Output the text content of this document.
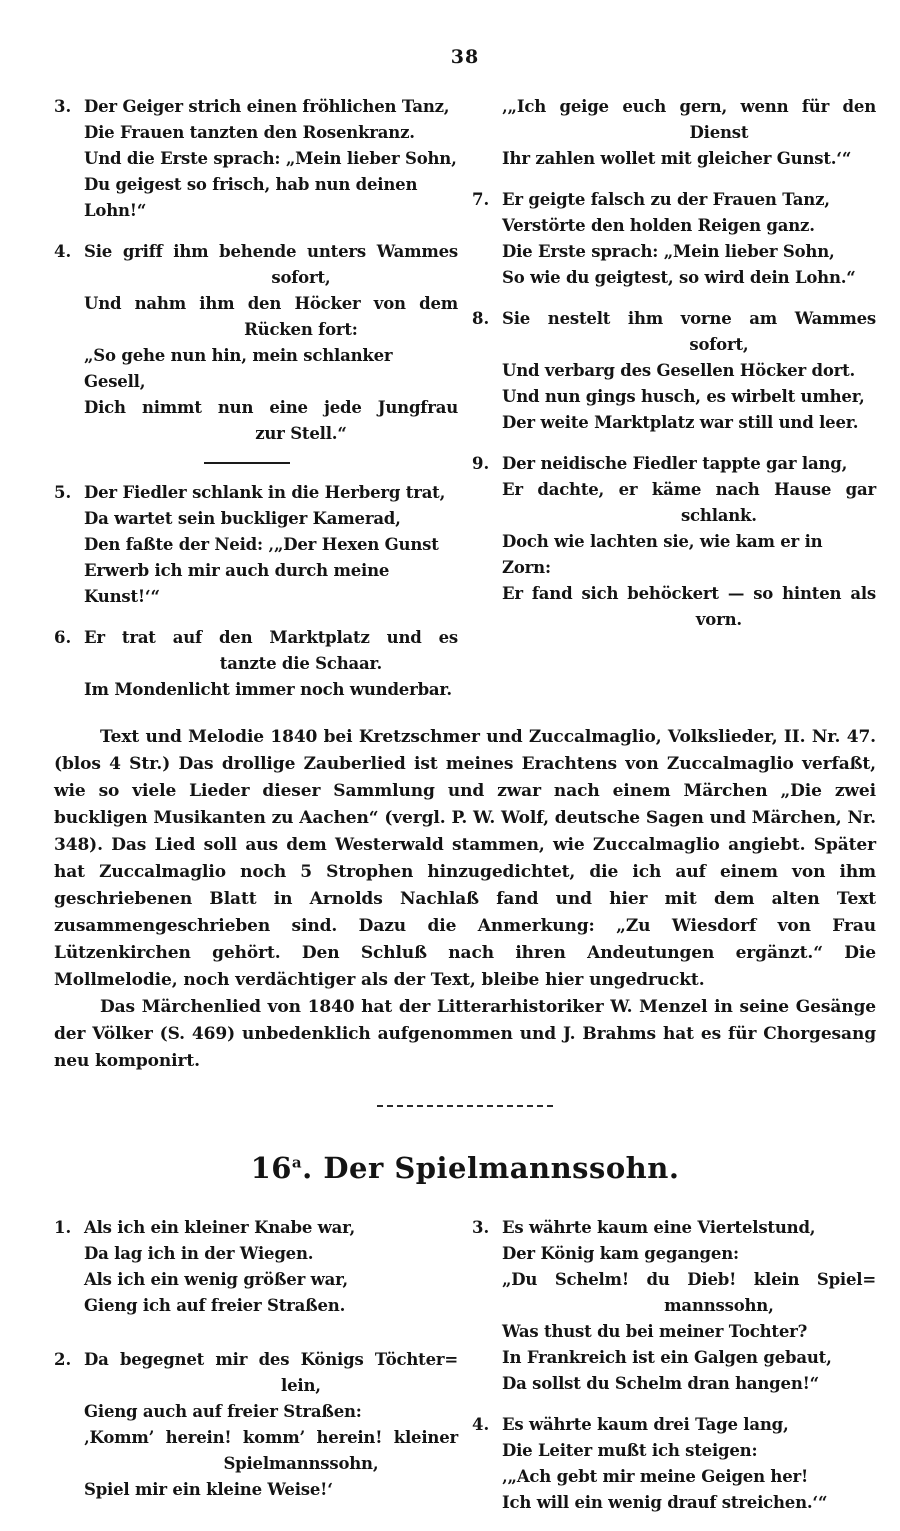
38
3. Der Geiger strich einen fröhlichen Tanz,
Die Frauen tanzten den Rosenkranz.
Und die Erste sprach: „Mein lieber Sohn,
Du geigest so frisch, hab nun deinen Lohn!“
4. Sie griff ihm behende unters Wammes
sofort,
Und nahm ihm den Höcker von dem
Rücken fort:
„So gehe nun hin, mein schlanker Gesell,
Dich nimmt nun eine jede Jungfrau
zur Stell.“
5. Der Fiedler schlank in die Herberg trat,
Da wartet sein buckliger Kamerad,
Den faßte der Neid: ‚„Der Hexen Gunst
Erwerb ich mir auch durch meine Kunst!‘“
6. Er trat auf den Marktplatz und es
tanzte die Schaar.
Im Mondenlicht immer noch wunderbar.
‚„Ich geige euch gern, wenn für den
Dienst
Ihr zahlen wollet mit gleicher Gunst.‘“
7. Er geigte falsch zu der Frauen Tanz,
Verstörte den holden Reigen ganz.
Die Erste sprach: „Mein lieber Sohn,
So wie du geigtest, so wird dein Lohn.“
8. Sie nestelt ihm vorne am Wammes
sofort,
Und verbarg des Gesellen Höcker dort.
Und nun gings husch, es wirbelt umher,
Der weite Marktplatz war still und leer.
9. Der neidische Fiedler tappte gar lang,
Er dachte, er käme nach Hause gar
schlank.
Doch wie lachten sie, wie kam er in Zorn:
Er fand sich behöckert — so hinten als
vorn.

Text und Melodie 1840 bei Kretzschmer und Zuccalmaglio, Volkslieder, II. Nr. 47. (blos 4 Str.) Das drollige Zauberlied ist meines Erachtens von Zuccalmaglio verfaßt, wie so viele Lieder dieser Sammlung und zwar nach einem Märchen „Die zwei buckligen Musikanten zu Aachen“ (vergl. P. W. Wolf, deutsche Sagen und Märchen, Nr. 348). Das Lied soll aus dem Westerwald stammen, wie Zuccalmaglio angiebt. Später hat Zuccalmaglio noch 5 Strophen hinzugedichtet, die ich auf einem von ihm geschriebenen Blatt in Arnolds Nachlaß fand und hier mit dem alten Text zusammengeschrieben sind. Dazu die Anmerkung: „Zu Wiesdorf von Frau Lützenkirchen gehört. Den Schluß nach ihren Andeutungen ergänzt.“ Die Mollmelodie, noch verdächtiger als der Text, bleibe hier ungedruckt.

Das Märchenlied von 1840 hat der Litterarhistoriker W. Menzel in seine Gesänge der Völker (S. 469) unbedenklich aufgenommen und J. Brahms hat es für Chorgesang neu komponirt.

16$^a$. Der Spielmannssohn.
1. Als ich ein kleiner Knabe war,
Da lag ich in der Wiegen.
Als ich ein wenig größer war,
Gieng ich auf freier Straßen.
2. Da begegnet mir des Königs Töchter=
lein,
Gieng auch auf freier Straßen:
‚Komm’ herein! komm’ herein! kleiner
Spielmannssohn,
Spiel mir ein kleine Weise!‘
3. Es währte kaum eine Viertelstund,
Der König kam gegangen:
„Du Schelm! du Dieb! klein Spiel=
mannssohn,
Was thust du bei meiner Tochter?
In Frankreich ist ein Galgen gebaut,
Da sollst du Schelm dran hangen!“
4. Es währte kaum drei Tage lang,
Die Leiter mußt ich steigen:
‚„Ach gebt mir meine Geigen her!
Ich will ein wenig drauf streichen.‘“
